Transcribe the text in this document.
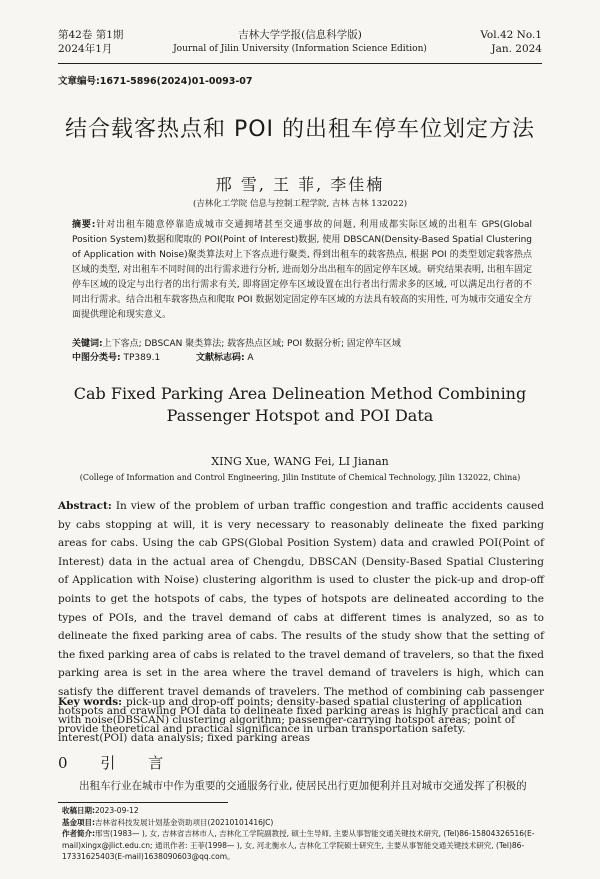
第42卷 第1期
2024年1月
吉林大学学报(信息科学版)
Journal of Jilin University (Information Science Edition)
Vol.42 No.1
Jan. 2024
文章编号:1671-5896(2024)01-0093-07
结合载客热点和 POI 的出租车停车位划定方法
邢 雪, 王 菲, 李佳楠
(吉林化工学院 信息与控制工程学院, 吉林 吉林 132022)
摘要:针对出租车随意停靠造成城市交通拥堵甚至交通事故的问题, 利用成都实际区域的出租车 GPS(Global Position System)数据和爬取的 POI(Point of Interest)数据, 使用 DBSCAN(Density-Based Spatial Clustering of Application with Noise)聚类算法对上下客点进行聚类, 得到出租车的载客热点, 根据 POI 的类型划定载客热点区域的类型, 对出租车不同时间的出行需求进行分析, 进而划分出出租车的固定停车区域。研究结果表明, 出租车固定停车区域的设定与出行者的出行需求有关, 即将固定停车区域设置在出行者出行需求多的区域, 可以满足出行者的不同出行需求。结合出租车载客热点和爬取 POI 数据划定固定停车区域的方法具有较高的实用性, 可为城市交通安全方面提供理论和现实意义。
关键词:上下客点; DBSCAN 聚类算法; 载客热点区域; POI 数据分析; 固定停车区域
中图分类号: TP389.1	文献标志码: A
Cab Fixed Parking Area Delineation Method Combining
Passenger Hotspot and POI Data
XING Xue, WANG Fei, LI Jianan
(College of Information and Control Engineering, Jilin Institute of Chemical Technology, Jilin 132022, China)
Abstract: In view of the problem of urban traffic congestion and traffic accidents caused by cabs stopping at will, it is very necessary to reasonably delineate the fixed parking areas for cabs. Using the cab GPS(Global Position System) data and crawled POI(Point of Interest) data in the actual area of Chengdu, DBSCAN (Density-Based Spatial Clustering of Application with Noise) clustering algorithm is used to cluster the pick-up and drop-off points to get the hotspots of cabs, the types of hotspots are delineated according to the types of POIs, and the travel demand of cabs at different times is analyzed, so as to delineate the fixed parking area of cabs. The results of the study show that the setting of the fixed parking area of cabs is related to the travel demand of travelers, so that the fixed parking area is set in the area where the travel demand of travelers is high, which can satisfy the different travel demands of travelers. The method of combining cab passenger hotspots and crawling POI data to delineate fixed parking areas is highly practical and can provide theoretical and practical significance in urban transportation safety.
Key words: pick-up and drop-off points; density-based spatial clustering of application with noise(DBSCAN) clustering algorithm; passenger-carrying hotspot areas; point of interest(POI) data analysis; fixed parking areas
0 引 言
出租车行业在城市中作为重要的交通服务行业, 使居民出行更加便利并且对城市交通发挥了积极的
收稿日期:2023-09-12
基金项目:吉林省科技发展计划基金资助项目(20210101416JC)
作者简介:邢雪(1983— ), 女, 吉林省吉林市人, 吉林化工学院副教授, 硕士生导师, 主要从事智能交通关键技术研究, (Tel)86-15804326516(E-mail)xingx@jlict.edu.cn; 通讯作者: 王菲(1998— ), 女, 河北衡水人, 吉林化工学院硕士研究生, 主要从事智能交通关键技术研究, (Tel)86-17331625403(E-mail)1638090603@qq.com。
